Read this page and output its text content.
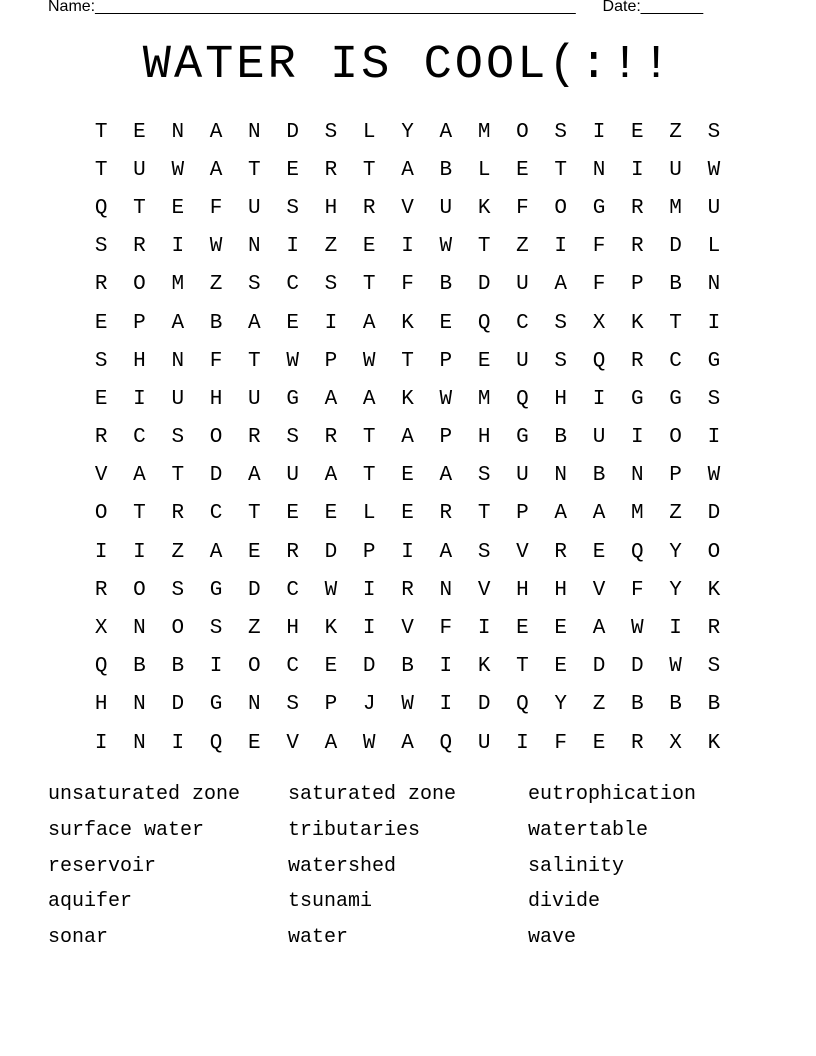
Name:______________________________________________________ Date:_______
WATER IS COOL(:!!
T	E	N	A	N	D	S	L	Y	A	M	O	S	I	E	Z	S
T	U	W	A	T	E	R	T	A	B	L	E	T	N	I	U	W
Q	T	E	F	U	S	H	R	V	U	K	F	O	G	R	M	U
S	R	I	W	N	I	Z	E	I	W	T	Z	I	F	R	D	L
R	O	M	Z	S	C	S	T	F	B	D	U	A	F	P	B	N
E	P	A	B	A	E	I	A	K	E	Q	C	S	X	K	T	I
S	H	N	F	T	W	P	W	T	P	E	U	S	Q	R	C	G
E	I	U	H	U	G	A	A	K	W	M	Q	H	I	G	G	S
R	C	S	O	R	S	R	T	A	P	H	G	B	U	I	O	I
V	A	T	D	A	U	A	T	E	A	S	U	N	B	N	P	W
O	T	R	C	T	E	E	L	E	R	T	P	A	A	M	Z	D
I	I	Z	A	E	R	D	P	I	A	S	V	R	E	Q	Y	O
R	O	S	G	D	C	W	I	R	N	V	H	H	V	F	Y	K
X	N	O	S	Z	H	K	I	V	F	I	E	E	A	W	I	R
Q	B	B	I	O	C	E	D	B	I	K	T	E	D	D	W	S
H	N	D	G	N	S	P	J	W	I	D	Q	Y	Z	B	B	B
I	N	I	Q	E	V	A	W	A	Q	U	I	F	E	R	X	K
unsaturated zone	saturated zone	eutrophication
surface water	tributaries	watertable
reservoir	watershed	salinity
aquifer	tsunami	divide
sonar	water	wave
